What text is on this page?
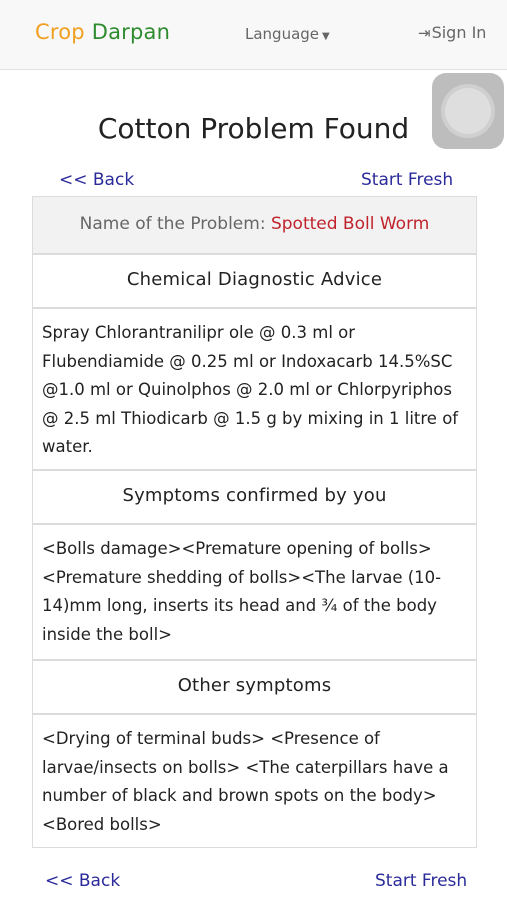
Crop Darpan	Language ▼	⇥Sign In
Cotton Problem Found
<< Back	Start Fresh
Name of the Problem: Spotted Boll Worm
Chemical Diagnostic Advice
Spray Chlorantranilipr ole @ 0.3 ml or
Flubendiamide @ 0.25 ml or Indoxacarb 14.5%SC
@1.0 ml or Quinolphos @ 2.0 ml or Chlorpyriphos
@ 2.5 ml Thiodicarb @ 1.5 g by mixing in 1 litre of
water.
Symptoms confirmed by you
<Bolls damage><Premature opening of bolls>
<Premature shedding of bolls><The larvae (10-
14)mm long, inserts its head and ¾ of the body
inside the boll>
Other symptoms
<Drying of terminal buds> <Presence of
larvae/insects on bolls> <The caterpillars have a
number of black and brown spots on the body>
<Bored bolls>
<< Back	Start Fresh
